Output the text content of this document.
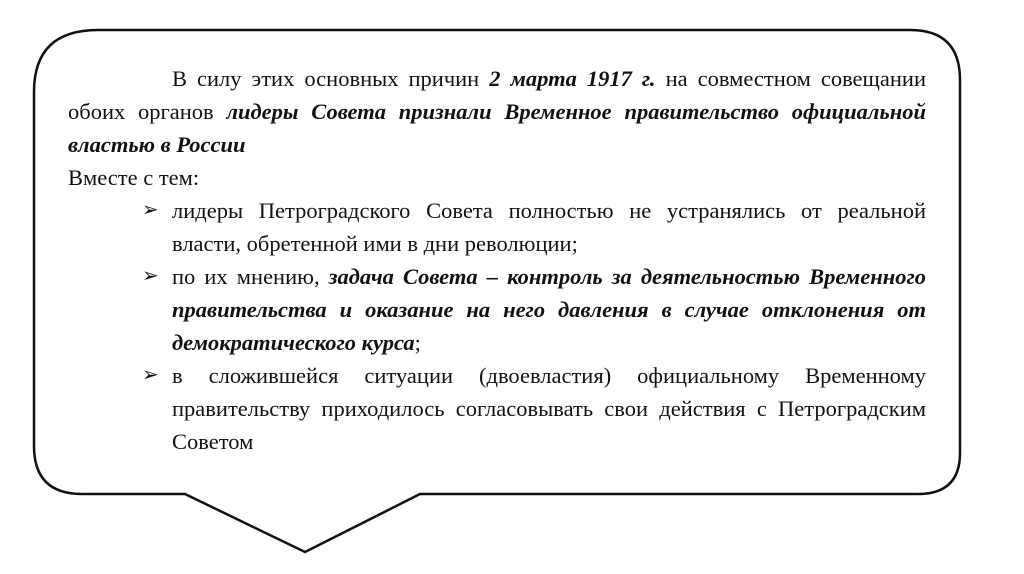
В силу этих основных причин 2 марта 1917 г. на совместном совещании обоих органов лидеры Совета признали Временное правительство официальной властью в России

Вместе с тем:

➢ лидеры Петроградского Совета полностью не устранялись от реальной власти, обретенной ими в дни революции;
➢ по их мнению, задача Совета – контроль за деятельностью Временного правительства и оказание на него давления в случае отклонения от демократического курса;
➢ в сложившейся ситуации (двоевластия) официальному Временному правительству приходилось согласовывать свои действия с Петроградским Советом
